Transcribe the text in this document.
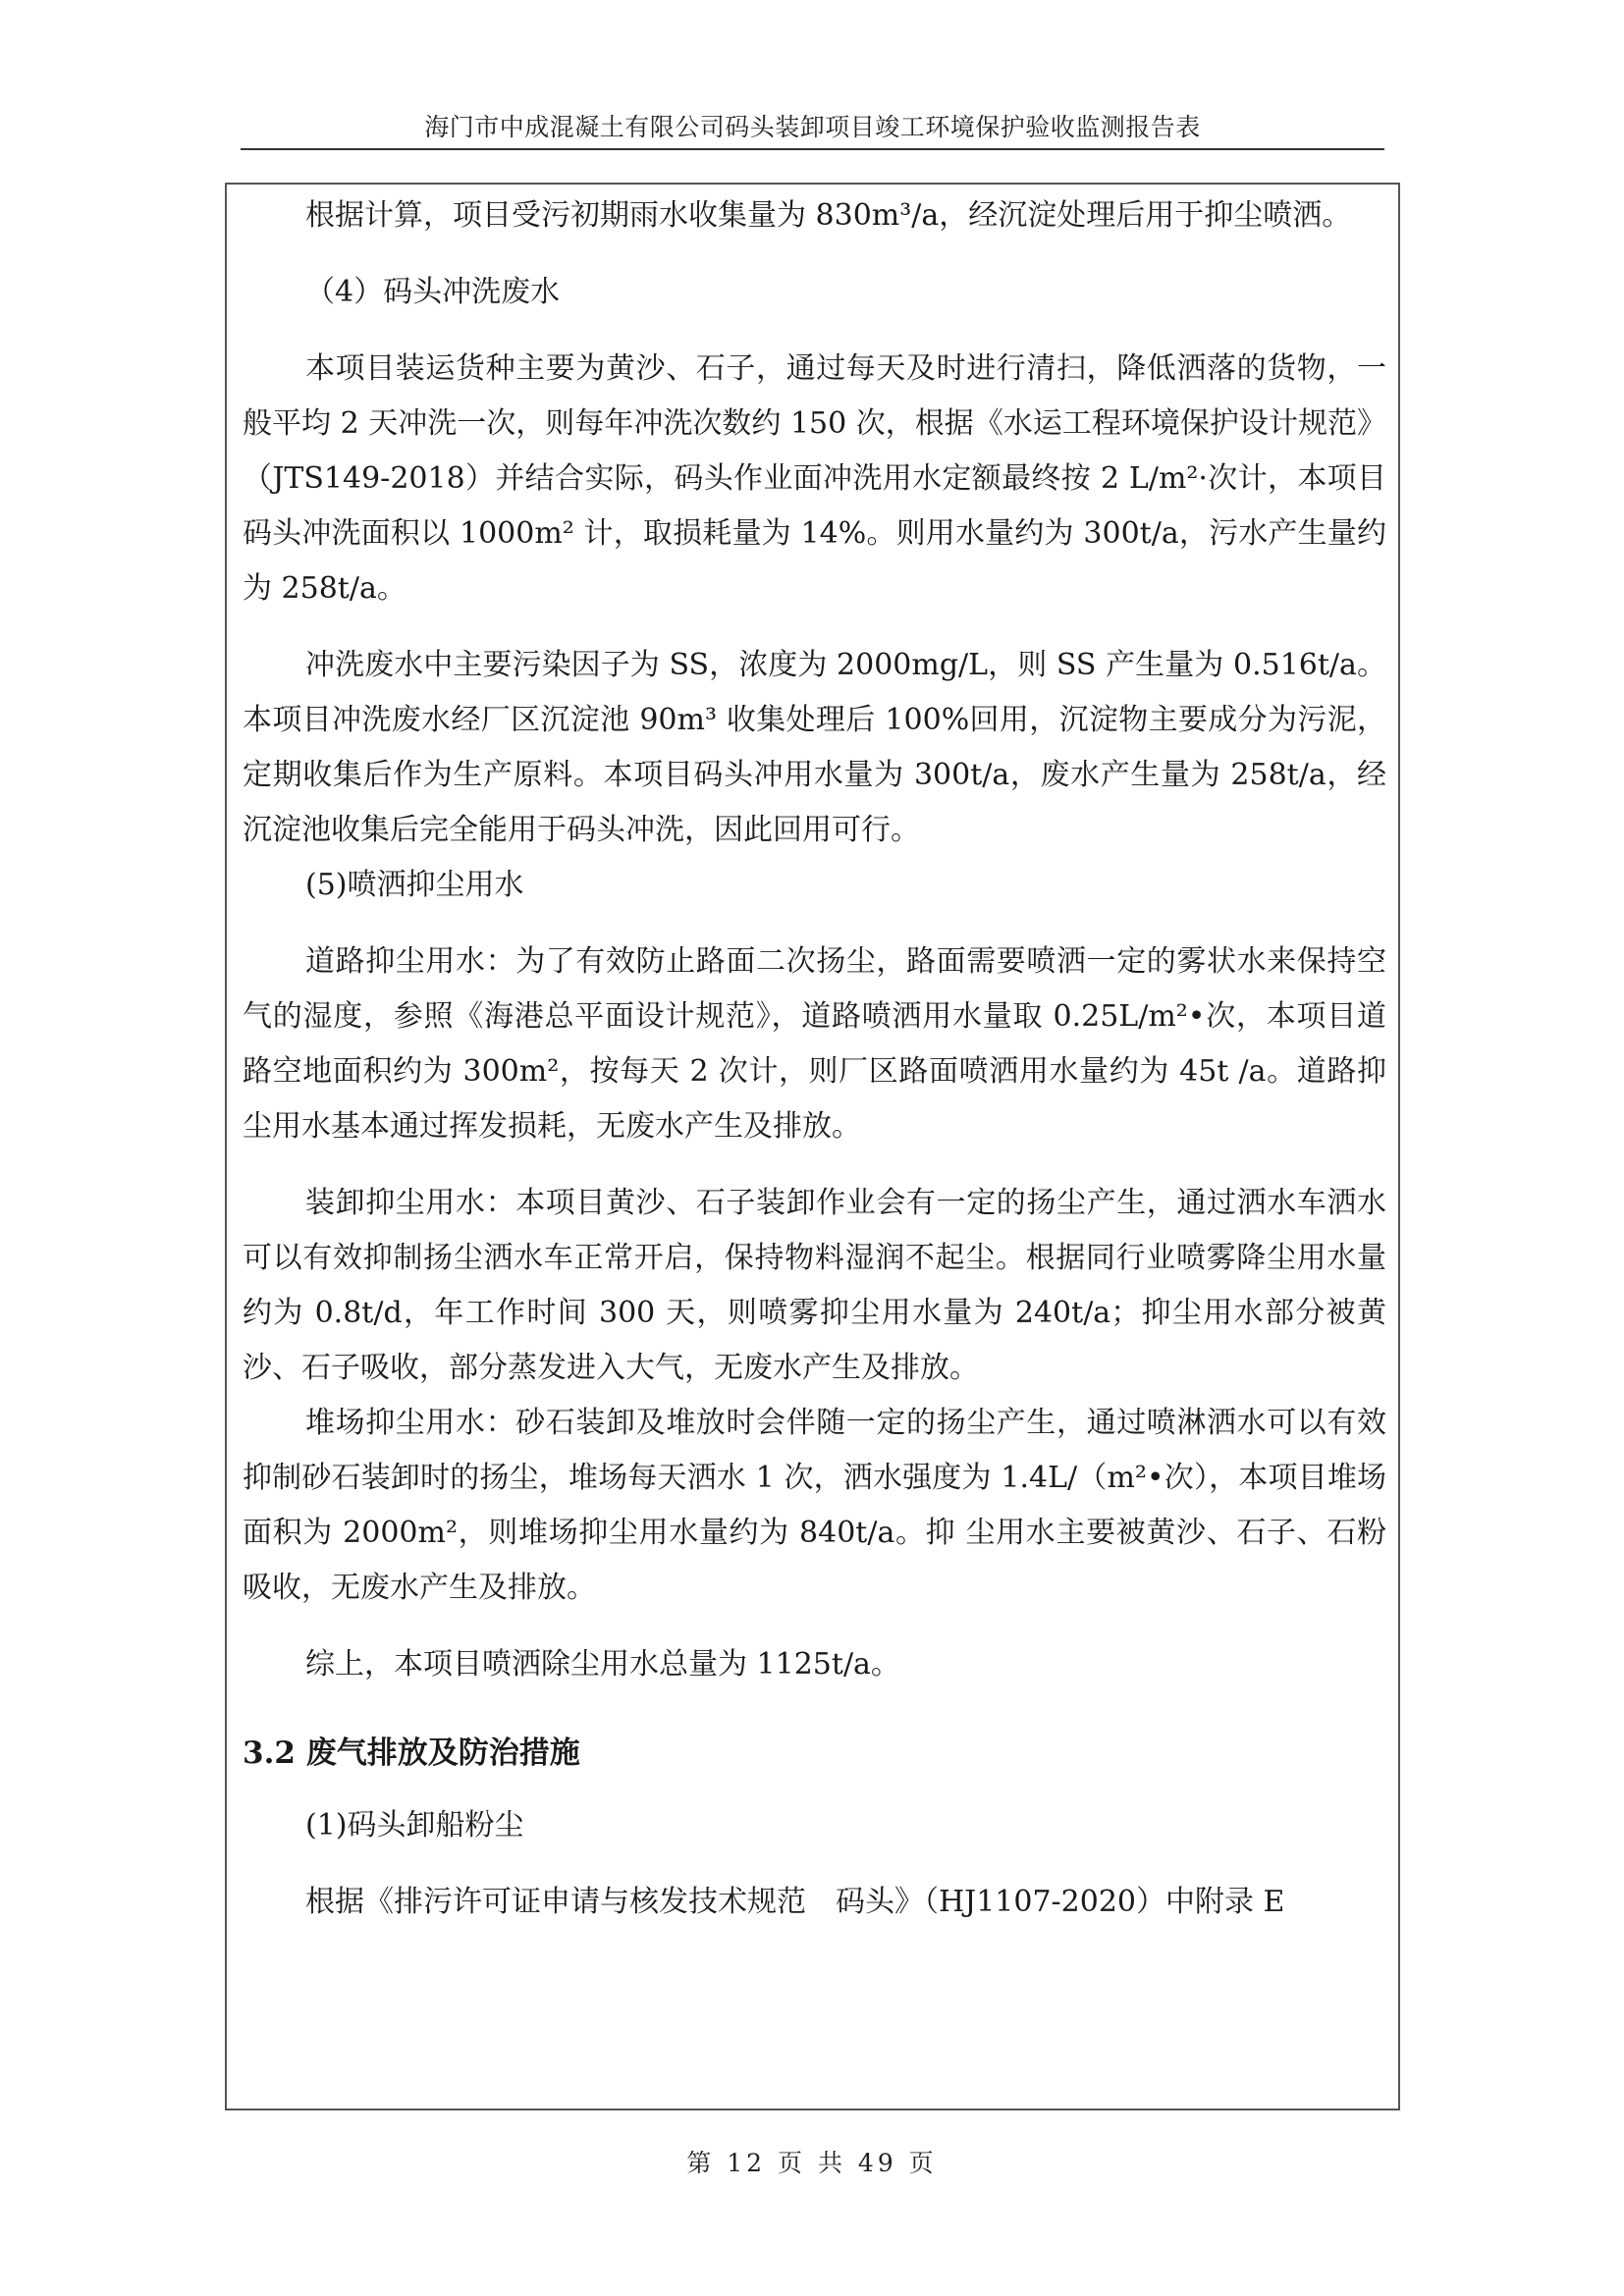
海门市中成混凝土有限公司码头装卸项目竣工环境保护验收监测报告表

根据计算，项目受污初期雨水收集量为 830m³/a，经沉淀处理后用于抑尘喷洒。

（4）码头冲洗废水

本项目装运货种主要为黄沙、石子，通过每天及时进行清扫，降低洒落的货物，一般平均 2 天冲洗一次，则每年冲洗次数约 150 次，根据《水运工程环境保护设计规范》（JTS149-2018）并结合实际，码头作业面冲洗用水定额最终按 2 L/m²·次计，本项目码头冲洗面积以 1000m² 计，取损耗量为 14%。则用水量约为 300t/a，污水产生量约为 258t/a。

冲洗废水中主要污染因子为 SS，浓度为 2000mg/L，则 SS 产生量为 0.516t/a。本项目冲洗废水经厂区沉淀池 90m³ 收集处理后 100%回用，沉淀物主要成分为污泥，定期收集后作为生产原料。本项目码头冲用水量为 300t/a，废水产生量为 258t/a，经沉淀池收集后完全能用于码头冲洗，因此回用可行。

(5)喷洒抑尘用水

道路抑尘用水：为了有效防止路面二次扬尘，路面需要喷洒一定的雾状水来保持空气的湿度，参照《海港总平面设计规范》，道路喷洒用水量取 0.25L/m²•次，本项目道路空地面积约为 300m²，按每天 2 次计，则厂区路面喷洒用水量约为 45t /a。道路抑尘用水基本通过挥发损耗，无废水产生及排放。

装卸抑尘用水：本项目黄沙、石子装卸作业会有一定的扬尘产生，通过洒水车洒水可以有效抑制扬尘洒水车正常开启，保持物料湿润不起尘。根据同行业喷雾降尘用水量约为 0.8t/d，年工作时间 300 天，则喷雾抑尘用水量为 240t/a；抑尘用水部分被黄沙、石子吸收，部分蒸发进入大气，无废水产生及排放。

堆场抑尘用水：砂石装卸及堆放时会伴随一定的扬尘产生，通过喷淋洒水可以有效抑制砂石装卸时的扬尘，堆场每天洒水 1 次，洒水强度为 1.4L/（m²•次），本项目堆场面积为 2000m²，则堆场抑尘用水量约为 840t/a。抑 尘用水主要被黄沙、石子、石粉吸收，无废水产生及排放。

综上，本项目喷洒除尘用水总量为 1125t/a。

3.2 废气排放及防治措施

(1)码头卸船粉尘

根据《排污许可证申请与核发技术规范　码头》（HJ1107-2020）中附录 E

第 12 页 共 49 页
